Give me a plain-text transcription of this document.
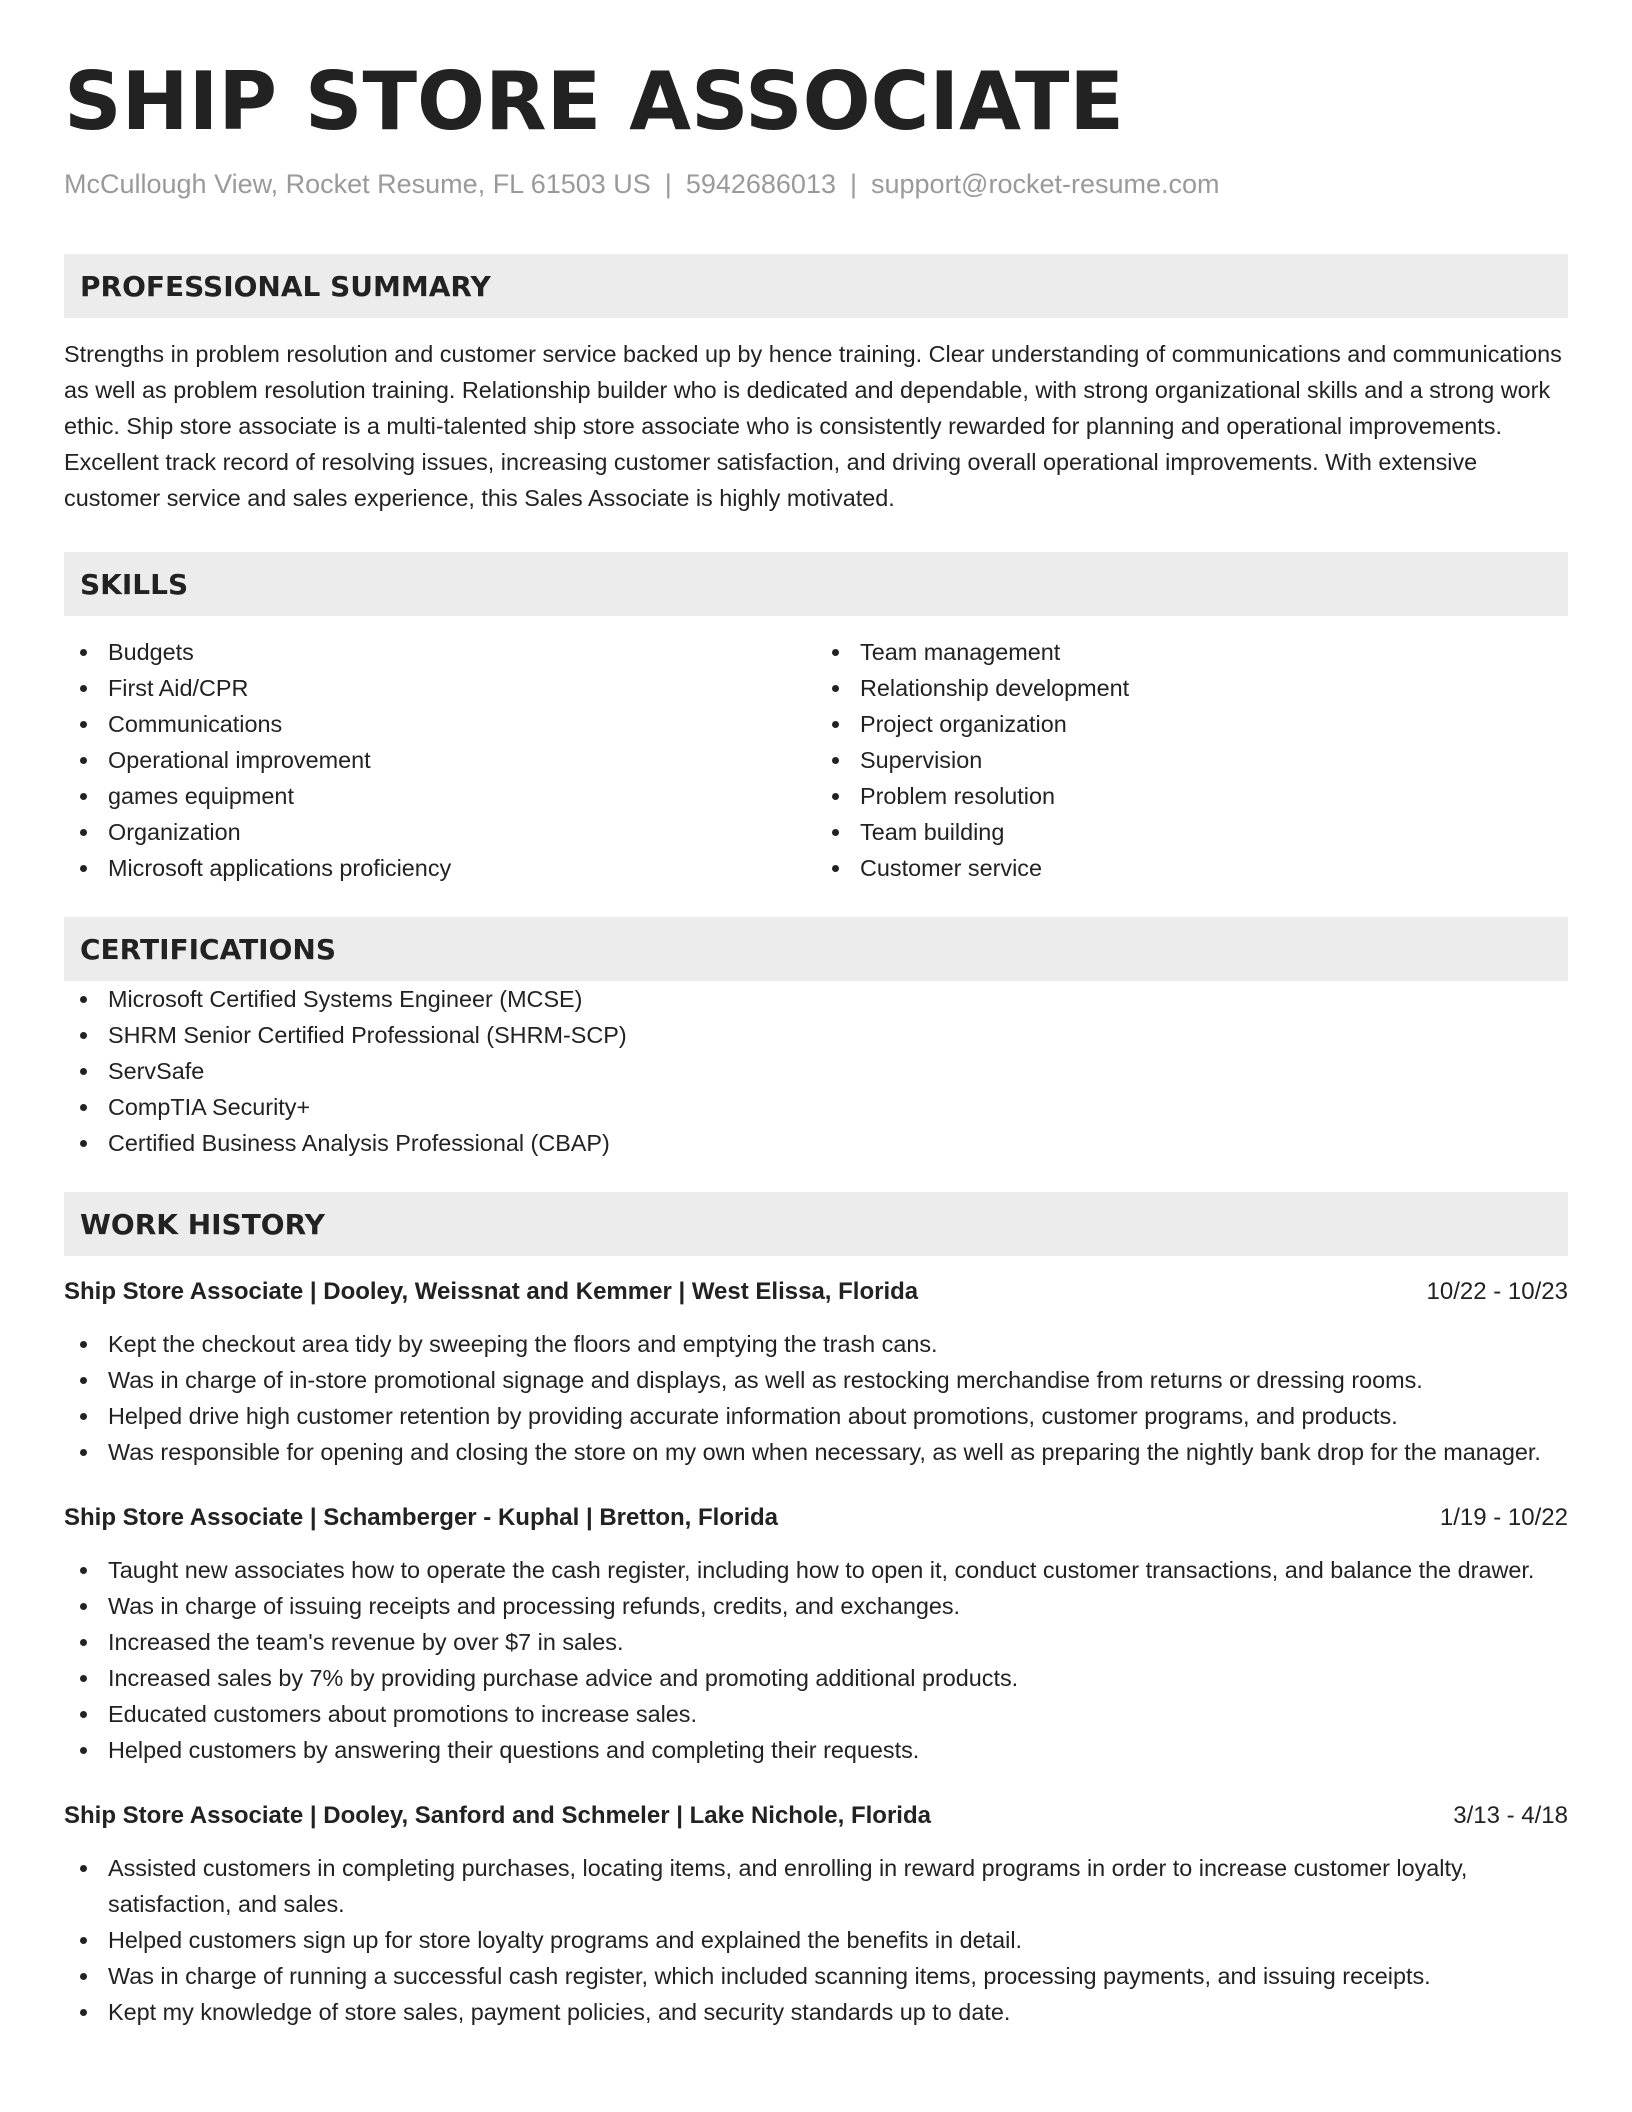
SHIP STORE ASSOCIATE
McCullough View, Rocket Resume, FL 61503 US | 5942686013 | support@rocket-resume.com
PROFESSIONAL SUMMARY
Strengths in problem resolution and customer service backed up by hence training. Clear understanding of communications and communications as well as problem resolution training. Relationship builder who is dedicated and dependable, with strong organizational skills and a strong work ethic. Ship store associate is a multi-talented ship store associate who is consistently rewarded for planning and operational improvements. Excellent track record of resolving issues, increasing customer satisfaction, and driving overall operational improvements. With extensive customer service and sales experience, this Sales Associate is highly motivated.
SKILLS
Budgets
First Aid/CPR
Communications
Operational improvement
games equipment
Organization
Microsoft applications proficiency
Team management
Relationship development
Project organization
Supervision
Problem resolution
Team building
Customer service
CERTIFICATIONS
Microsoft Certified Systems Engineer (MCSE)
SHRM Senior Certified Professional (SHRM-SCP)
ServSafe
CompTIA Security+
Certified Business Analysis Professional (CBAP)
WORK HISTORY
Ship Store Associate | Dooley, Weissnat and Kemmer | West Elissa, Florida	10/22 - 10/23
Kept the checkout area tidy by sweeping the floors and emptying the trash cans.
Was in charge of in-store promotional signage and displays, as well as restocking merchandise from returns or dressing rooms.
Helped drive high customer retention by providing accurate information about promotions, customer programs, and products.
Was responsible for opening and closing the store on my own when necessary, as well as preparing the nightly bank drop for the manager.
Ship Store Associate | Schamberger - Kuphal | Bretton, Florida	1/19 - 10/22
Taught new associates how to operate the cash register, including how to open it, conduct customer transactions, and balance the drawer.
Was in charge of issuing receipts and processing refunds, credits, and exchanges.
Increased the team's revenue by over $7 in sales.
Increased sales by 7% by providing purchase advice and promoting additional products.
Educated customers about promotions to increase sales.
Helped customers by answering their questions and completing their requests.
Ship Store Associate | Dooley, Sanford and Schmeler | Lake Nichole, Florida	3/13 - 4/18
Assisted customers in completing purchases, locating items, and enrolling in reward programs in order to increase customer loyalty, satisfaction, and sales.
Helped customers sign up for store loyalty programs and explained the benefits in detail.
Was in charge of running a successful cash register, which included scanning items, processing payments, and issuing receipts.
Kept my knowledge of store sales, payment policies, and security standards up to date.
